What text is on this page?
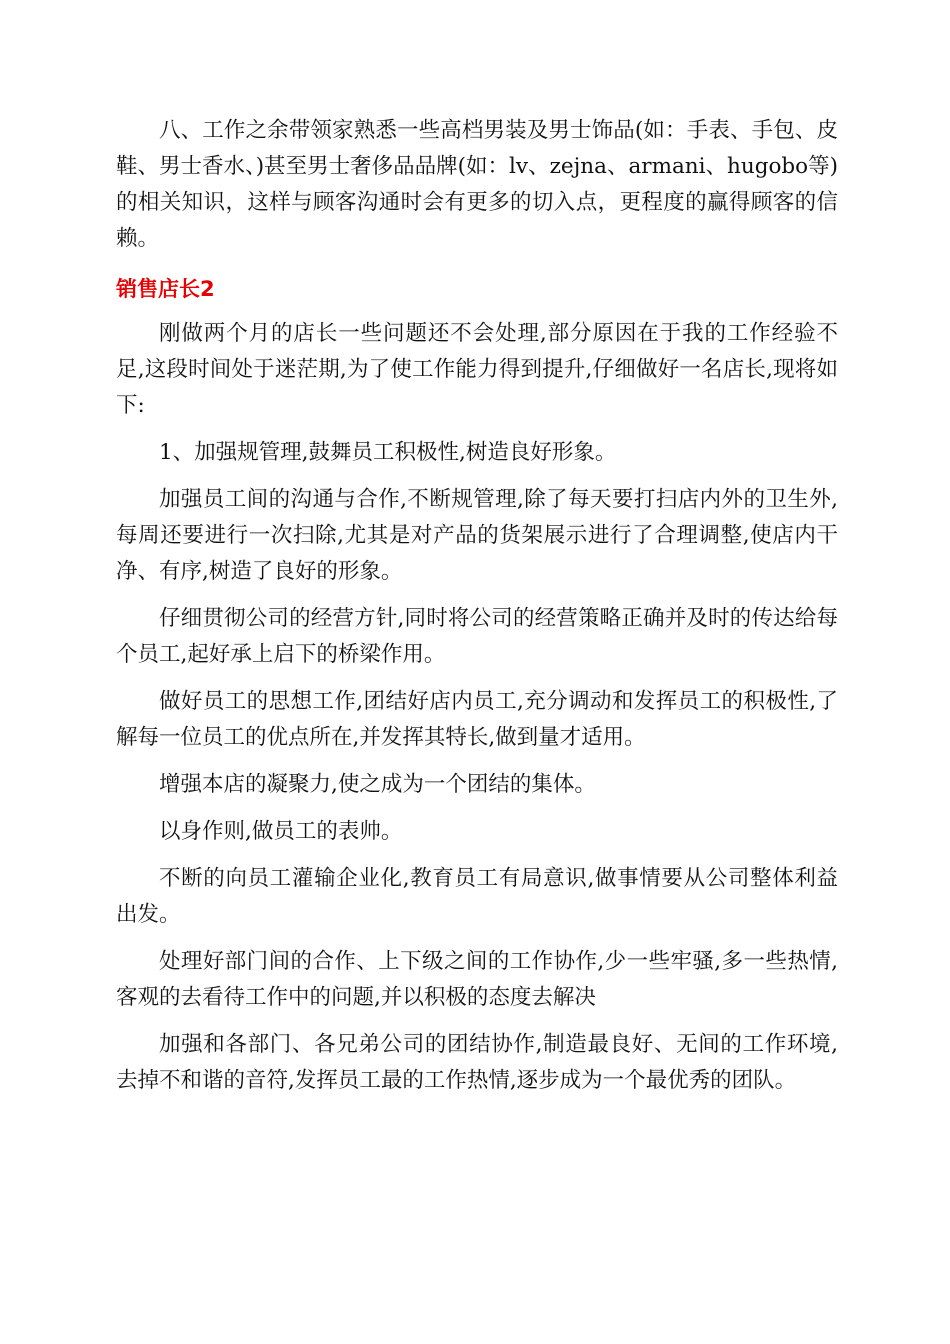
八、工作之余带领家熟悉一些高档男装及男士饰品(如：手表、手包、皮鞋、男士香水、)甚至男士奢侈品品牌(如：lv、zejna、armani、hugobo等)的相关知识，这样与顾客沟通时会有更多的切入点，更程度的赢得顾客的信赖。

销售店长2

刚做两个月的店长一些问题还不会处理,部分原因在于我的工作经验不足,这段时间处于迷茫期,为了使工作能力得到提升,仔细做好一名店长,现将如下:

1、加强规管理,鼓舞员工积极性,树造良好形象。

加强员工间的沟通与合作,不断规管理,除了每天要打扫店内外的卫生外,每周还要进行一次扫除,尤其是对产品的货架展示进行了合理调整,使店内干净、有序,树造了良好的形象。

仔细贯彻公司的经营方针,同时将公司的经营策略正确并及时的传达给每个员工,起好承上启下的桥梁作用。

做好员工的思想工作,团结好店内员工,充分调动和发挥员工的积极性,了解每一位员工的优点所在,并发挥其特长,做到量才适用。

增强本店的凝聚力,使之成为一个团结的集体。

以身作则,做员工的表帅。

不断的向员工灌输企业化,教育员工有局意识,做事情要从公司整体利益出发。

处理好部门间的合作、上下级之间的工作协作,少一些牢骚,多一些热情,客观的去看待工作中的问题,并以积极的态度去解决

加强和各部门、各兄弟公司的团结协作,制造最良好、无间的工作环境,去掉不和谐的音符,发挥员工最的工作热情,逐步成为一个最优秀的团队。
